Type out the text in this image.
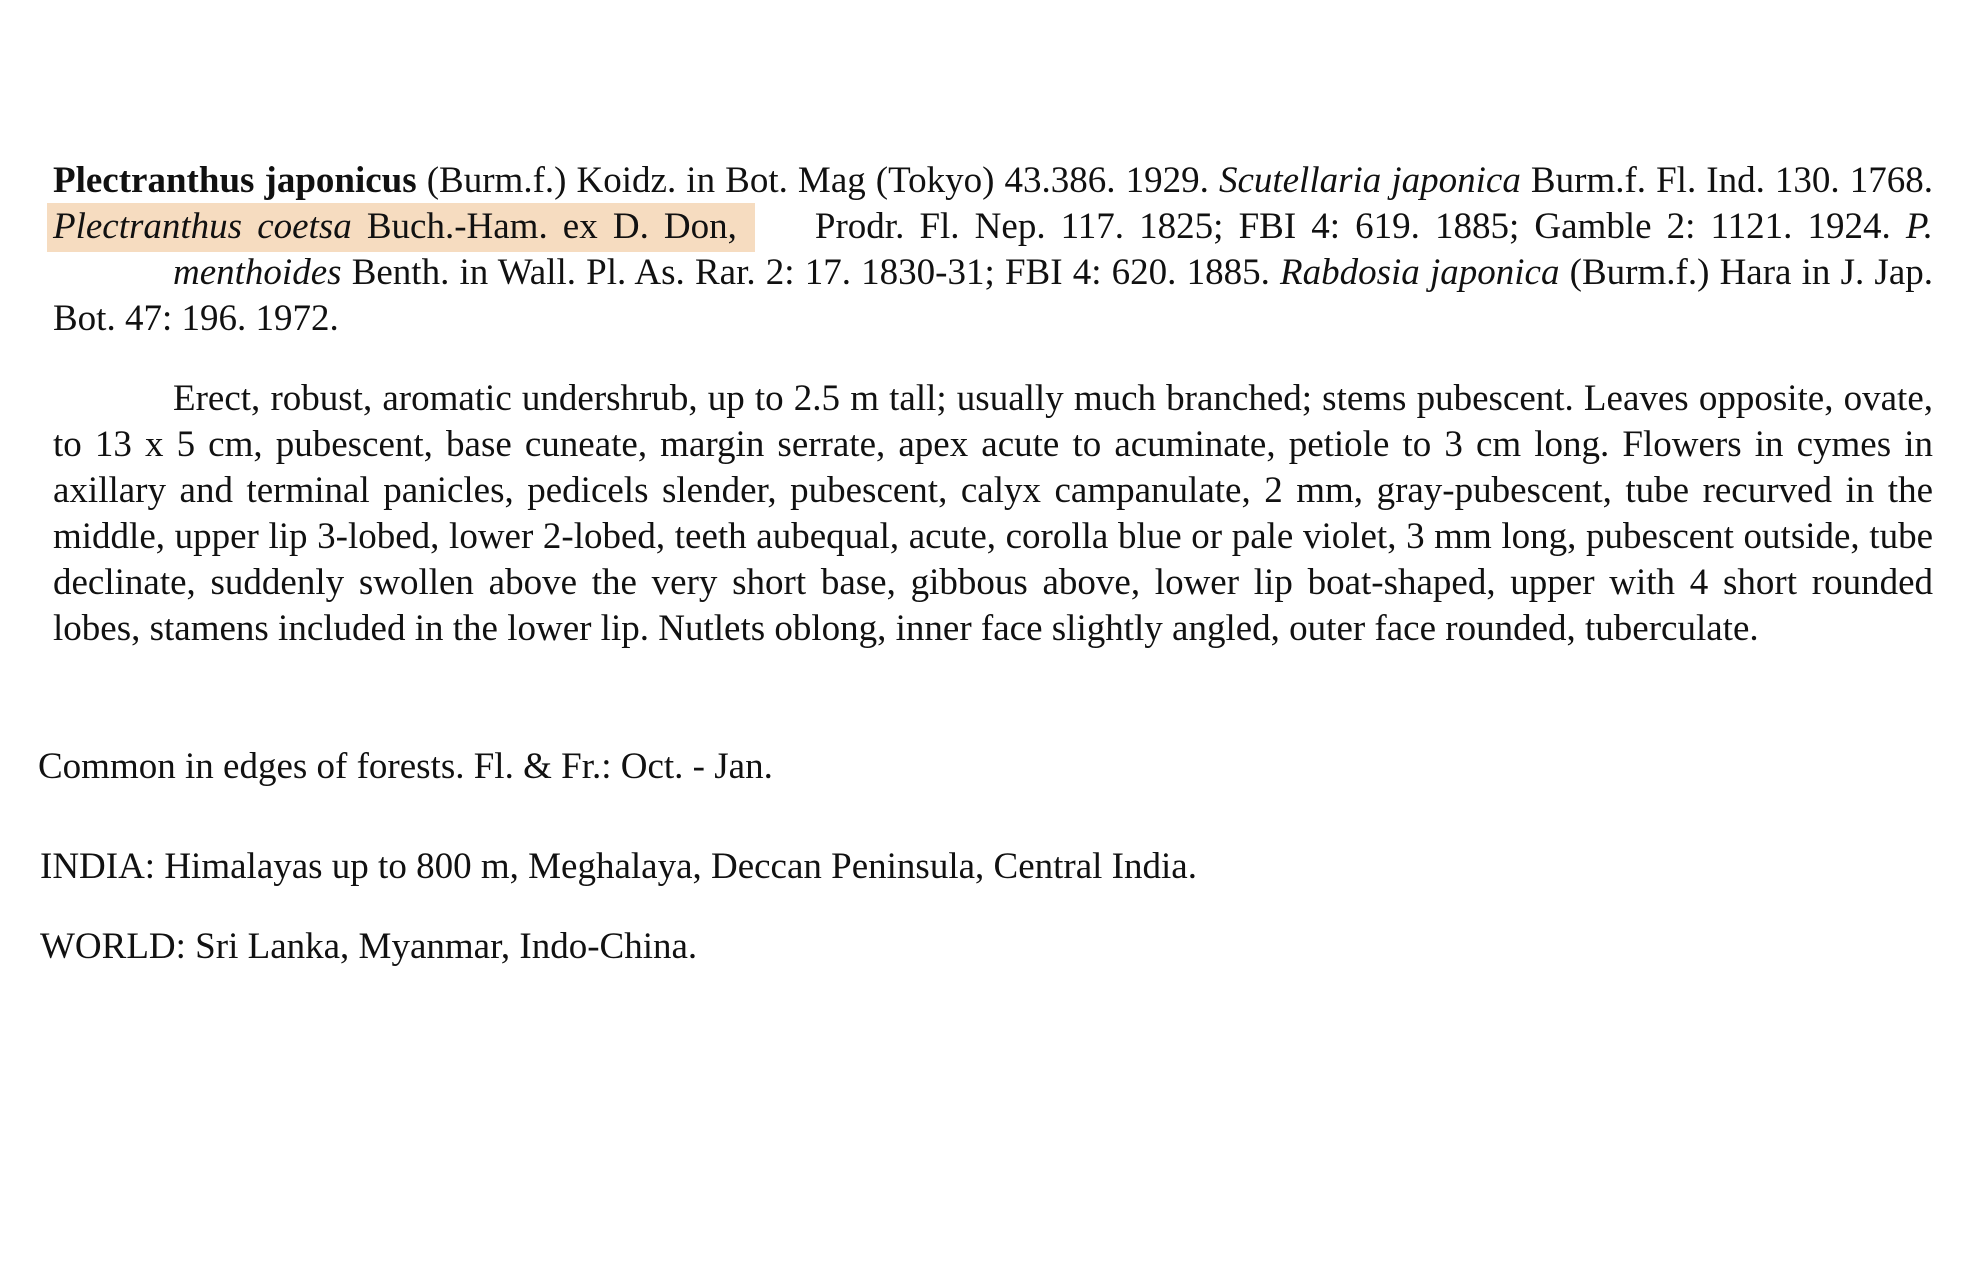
Plectranthus japonicus (Burm.f.) Koidz. in Bot. Mag (Tokyo) 43.386. 1929. Scutellaria japonica Burm.f. Fl. Ind. 130. 1768. Plectranthus coetsa Buch.-Ham. ex D. Don, Prodr. Fl. Nep. 117. 1825; FBI 4: 619. 1885; Gamble 2: 1121. 1924. P.menthoides Benth. in Wall. Pl. As. Rar. 2: 17. 1830-31; FBI 4: 620. 1885. Rabdosia japonica (Burm.f.) Hara in J. Jap. Bot. 47: 196. 1972.

Erect, robust, aromatic undershrub, up to 2.5 m tall; usually much branched; stems pubescent. Leaves opposite, ovate, to 13 x 5 cm, pubescent, base cuneate, margin serrate, apex acute to acuminate, petiole to 3 cm long. Flowers in cymes in axillary and terminal panicles, pedicels slender, pubescent, calyx campanulate, 2 mm, gray-pubescent, tube recurved in the middle, upper lip 3-lobed, lower 2-lobed, teeth aubequal, acute, corolla blue or pale violet, 3 mm long, pubescent outside, tube declinate, suddenly swollen above the very short base, gibbous above, lower lip boat-shaped, upper with 4 short rounded lobes, stamens included in the lower lip. Nutlets oblong, inner face slightly angled, outer face rounded, tuberculate.

Common in edges of forests. Fl. & Fr.: Oct. - Jan.
INDIA: Himalayas up to 800 m, Meghalaya, Deccan Peninsula, Central India.
WORLD: Sri Lanka, Myanmar, Indo-China.
